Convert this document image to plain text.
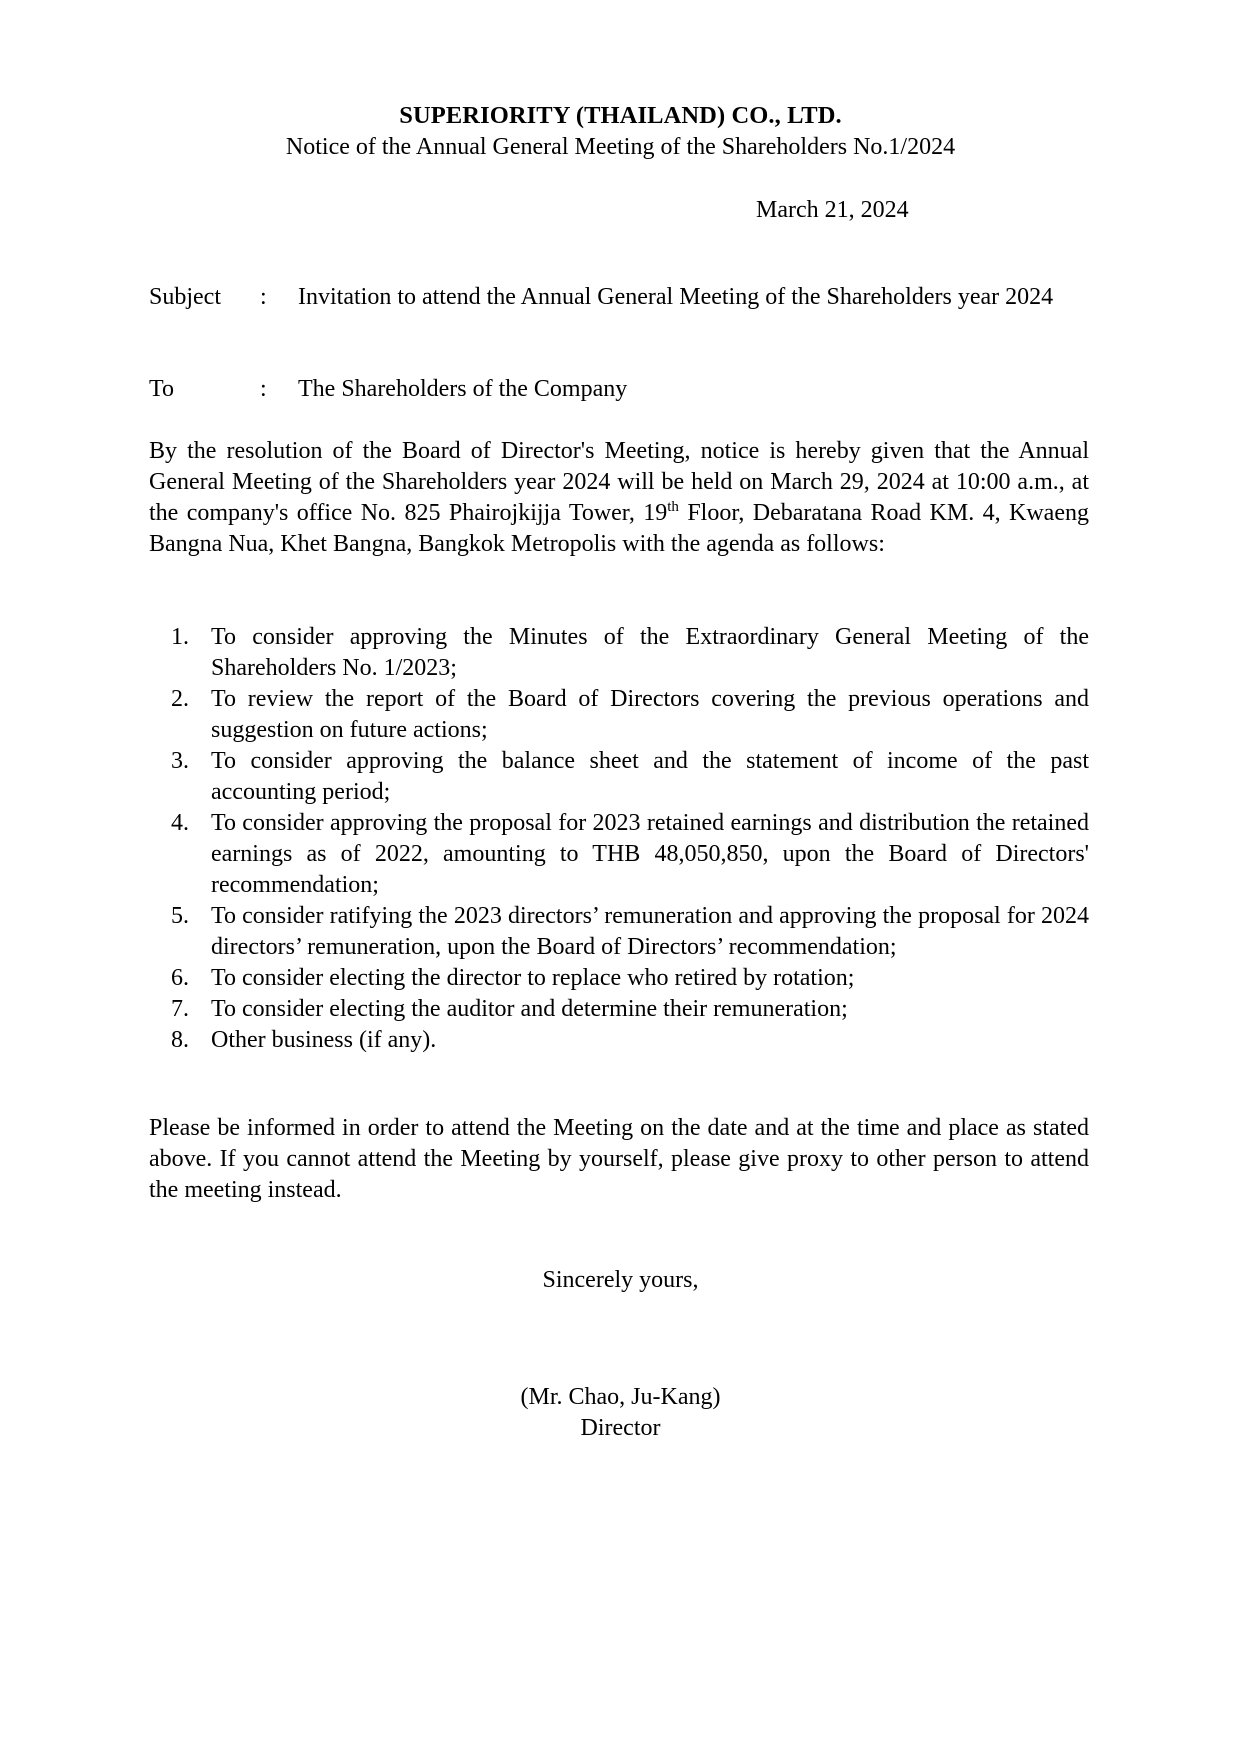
SUPERIORITY (THAILAND) CO., LTD.
Notice of the Annual General Meeting of the Shareholders No.1/2024
March 21, 2024
Subject : Invitation to attend the Annual General Meeting of the Shareholders year 2024
To	: The Shareholders of the Company
By the resolution of the Board of Director's Meeting, notice is hereby given that the Annual General Meeting of the Shareholders year 2024 will be held on March 29, 2024 at 10:00 a.m., at the company's office No. 825 Phairojkijja Tower, 19th Floor, Debaratana Road KM. 4, Kwaeng Bangna Nua, Khet Bangna, Bangkok Metropolis with the agenda as follows:
1. To consider approving the Minutes of the Extraordinary General Meeting of the Shareholders No. 1/2023;
2. To review the report of the Board of Directors covering the previous operations and suggestion on future actions;
3. To consider approving the balance sheet and the statement of income of the past accounting period;
4. To consider approving the proposal for 2023 retained earnings and distribution the retained earnings as of 2022, amounting to THB 48,050,850, upon the Board of Directors' recommendation;
5. To consider ratifying the 2023 directors’ remuneration and approving the proposal for 2024 directors’ remuneration, upon the Board of Directors’ recommendation;
6. To consider electing the director to replace who retired by rotation;
7. To consider electing the auditor and determine their remuneration;
8. Other business (if any).
Please be informed in order to attend the Meeting on the date and at the time and place as stated above. If you cannot attend the Meeting by yourself, please give proxy to other person to attend the meeting instead.
Sincerely yours,
(Mr. Chao, Ju-Kang)
Director
